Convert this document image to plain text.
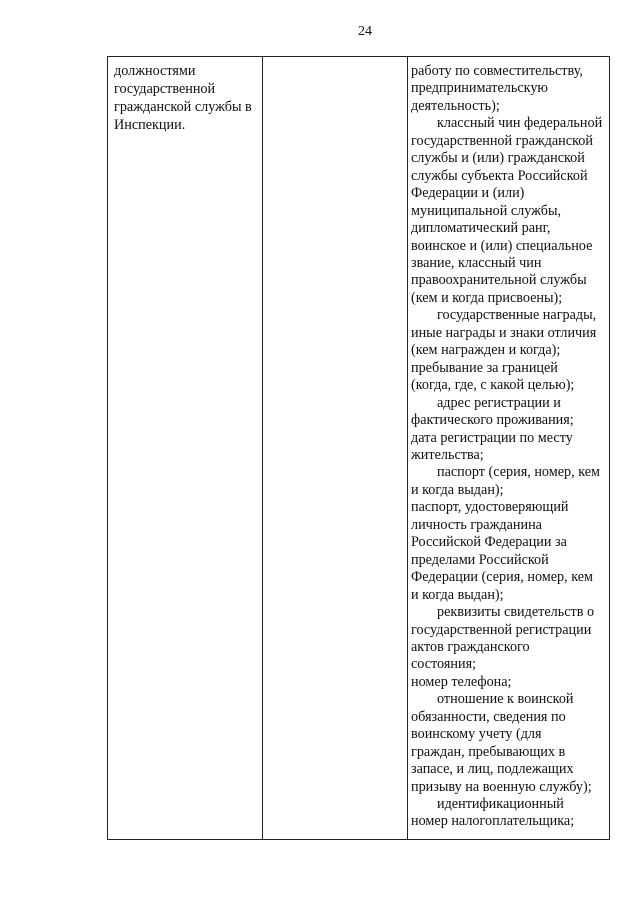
24
должностями
государственной
гражданской службы в
Инспекции.
работу по совместительству,
предпринимательскую
деятельность);
классный чин федеральной
государственной гражданской
службы и (или) гражданской
службы субъекта Российской
Федерации и (или)
муниципальной службы,
дипломатический ранг,
воинское и (или) специальное
звание, классный чин
правоохранительной службы
(кем и когда присвоены);
государственные награды,
иные награды и знаки отличия
(кем награжден и когда);
пребывание за границей
(когда, где, с какой целью);
адрес регистрации и
фактического проживания;
дата регистрации по месту
жительства;
паспорт (серия, номер, кем
и когда выдан);
паспорт, удостоверяющий
личность гражданина
Российской Федерации за
пределами Российской
Федерации (серия, номер, кем
и когда выдан);
реквизиты свидетельств о
государственной регистрации
актов гражданского
состояния;
номер телефона;
отношение к воинской
обязанности, сведения по
воинскому учету (для
граждан, пребывающих в
запасе, и лиц, подлежащих
призыву на военную службу);
идентификационный
номер налогоплательщика;
